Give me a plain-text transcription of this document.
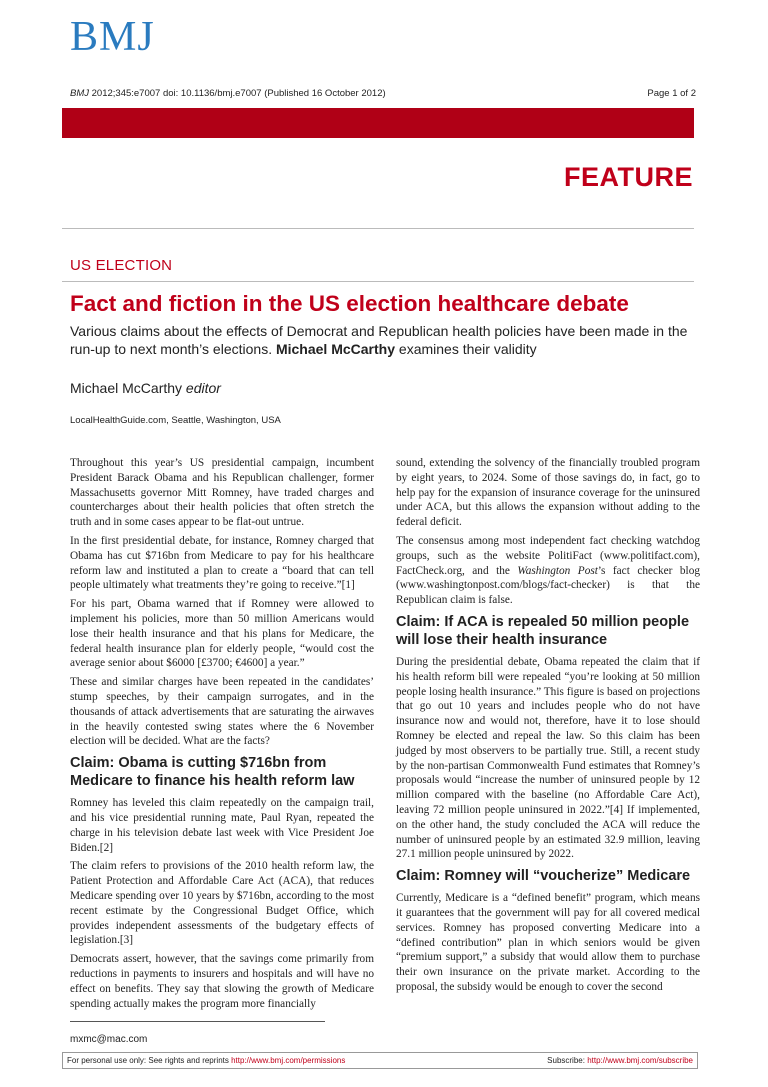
BMJ
BMJ 2012;345:e7007 doi: 10.1136/bmj.e7007 (Published 16 October 2012)	Page 1 of 2
FEATURE
US ELECTION
Fact and fiction in the US election healthcare debate
Various claims about the effects of Democrat and Republican health policies have been made in the run-up to next month’s elections. Michael McCarthy examines their validity
Michael McCarthy editor
LocalHealthGuide.com, Seattle, Washington, USA

Throughout this year’s US presidential campaign, incumbent President Barack Obama and his Republican challenger, former Massachusetts governor Mitt Romney, have traded charges and countercharges about their health policies that often stretch the truth and in some cases appear to be flat-out untrue.

In the first presidential debate, for instance, Romney charged that Obama has cut $716bn from Medicare to pay for his healthcare reform law and instituted a plan to create a “board that can tell people ultimately what treatments they’re going to receive.”[1]

For his part, Obama warned that if Romney were allowed to implement his policies, more than 50 million Americans would lose their health insurance and that his plans for Medicare, the federal health insurance plan for elderly people, “would cost the average senior about $6000 [£3700; €4600] a year.”

These and similar charges have been repeated in the candidates’ stump speeches, by their campaign surrogates, and in the thousands of attack advertisements that are saturating the airwaves in the heavily contested swing states where the 6 November election will be decided. What are the facts?

Claim: Obama is cutting $716bn from Medicare to finance his health reform law

Romney has leveled this claim repeatedly on the campaign trail, and his vice presidential running mate, Paul Ryan, repeated the charge in his television debate last week with Vice President Joe Biden.[2]

The claim refers to provisions of the 2010 health reform law, the Patient Protection and Affordable Care Act (ACA), that reduces Medicare spending over 10 years by $716bn, according to the most recent estimate by the Congressional Budget Office, which provides independent assessments of the budgetary effects of legislation.[3]

Democrats assert, however, that the savings come primarily from reductions in payments to insurers and hospitals and will have no effect on benefits. They say that slowing the growth of Medicare spending actually makes the program more financially

sound, extending the solvency of the financially troubled program by eight years, to 2024. Some of those savings do, in fact, go to help pay for the expansion of insurance coverage for the uninsured under ACA, but this allows the expansion without adding to the federal deficit.

The consensus among most independent fact checking watchdog groups, such as the website PolitiFact (www.politifact.com), FactCheck.org, and the Washington Post’s fact checker blog (www.washingtonpost.com/blogs/fact-checker) is that the Republican claim is false.

Claim: If ACA is repealed 50 million people will lose their health insurance

During the presidential debate, Obama repeated the claim that if his health reform bill were repealed “you’re looking at 50 million people losing health insurance.” This figure is based on projections that go out 10 years and includes people who do not have insurance now and would not, therefore, have it to lose should Romney be elected and repeal the law. So this claim has been judged by most observers to be partially true. Still, a recent study by the non-partisan Commonwealth Fund estimates that Romney’s proposals would “increase the number of uninsured people by 12 million compared with the baseline (no Affordable Care Act), leaving 72 million people uninsured in 2022.”[4] If implemented, on the other hand, the study concluded the ACA will reduce the number of uninsured people by an estimated 32.9 million, leaving 27.1 million people uninsured by 2022.

Claim: Romney will “voucherize” Medicare

Currently, Medicare is a “defined benefit” program, which means it guarantees that the government will pay for all covered medical services. Romney has proposed converting Medicare into a “defined contribution” plan in which seniors would be given “premium support,” a subsidy that would allow them to purchase their own insurance on the private market. According to the proposal, the subsidy would be enough to cover the second

mxmc@mac.com
For personal use only: See rights and reprints http://www.bmj.com/permissions	Subscribe: http://www.bmj.com/subscribe
